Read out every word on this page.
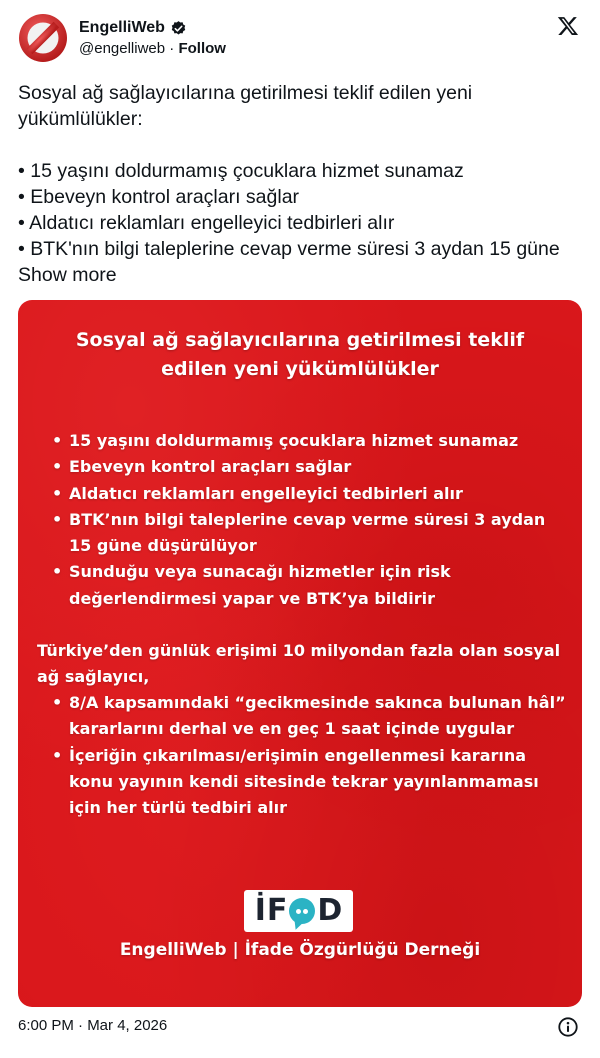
EngelliWeb
@engelliweb · Follow

Sosyal ağ sağlayıcılarına getirilmesi teklif edilen yeni yükümlülükler:

• 15 yaşını doldurmamış çocuklara hizmet sunamaz

• Ebeveyn kontrol araçları sağlar

• Aldatıcı reklamları engelleyici tedbirleri alır

• BTK'nın bilgi taleplerine cevap verme süresi 3 aydan 15 güne Show more

Sosyal ağ sağlayıcılarına getirilmesi teklif
edilen yeni yükümlülükler
• 15 yaşını doldurmamış çocuklara hizmet sunamaz
• Ebeveyn kontrol araçları sağlar
• Aldatıcı reklamları engelleyici tedbirleri alır
• BTK’nın bilgi taleplerine cevap verme süresi 3 aydan 15 güne düşürülüyor
• Sunduğu veya sunacağı hizmetler için risk değerlendirmesi yapar ve BTK’ya bildirir
Türkiye’den günlük erişimi 10 milyondan fazla olan sosyal ağ sağlayıcı,
• 8/A kapsamındaki “gecikmesinde sakınca bulunan hâl” kararlarını derhal ve en geç 1 saat içinde uygular
• İçeriğin çıkarılması/erişimin engellenmesi kararına konu yayının kendi sitesinde tekrar yayınlanmaması için her türlü tedbiri alır
İ F D
EngelliWeb | İfade Özgürlüğü Derneği
6:00 PM · Mar 4, 2026
